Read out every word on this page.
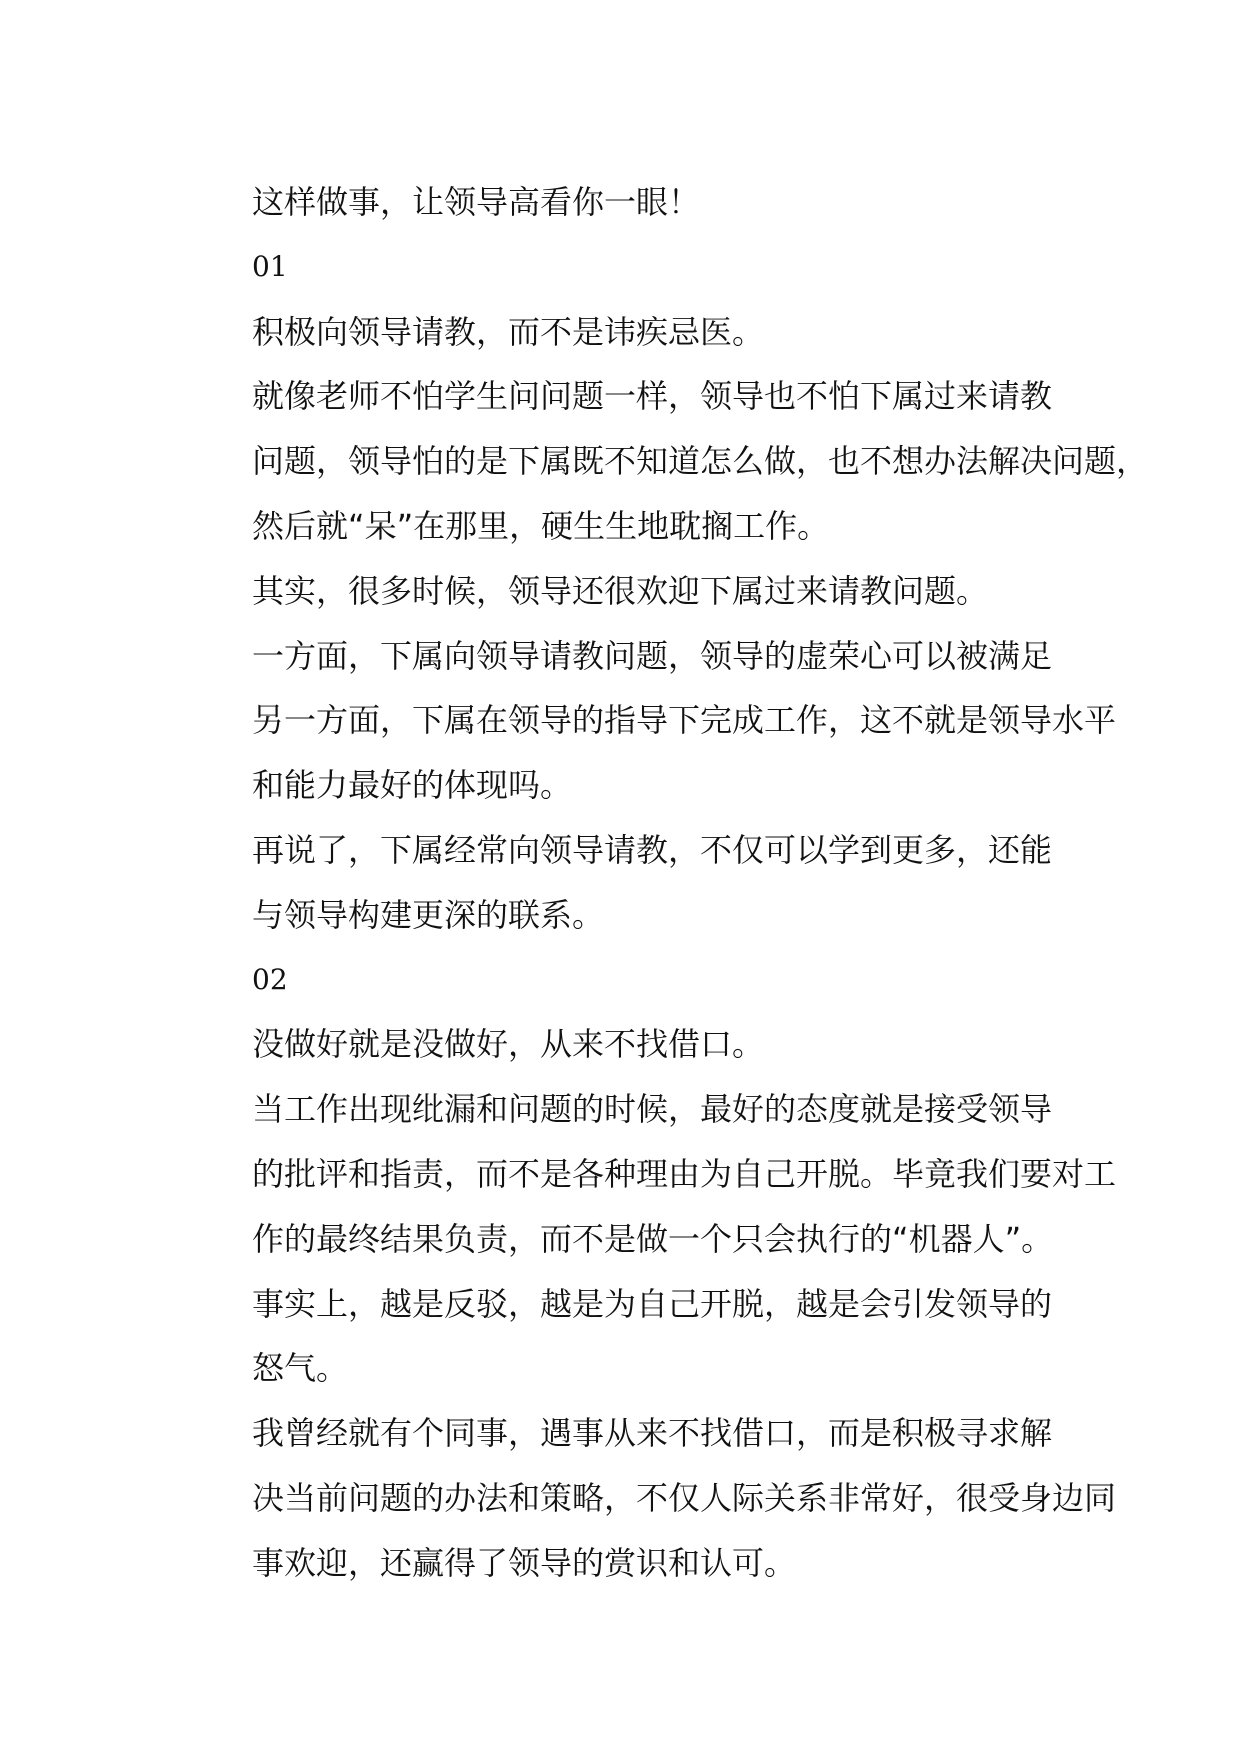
这样做事，让领导高看你一眼！
01
积极向领导请教，而不是讳疾忌医。
就像老师不怕学生问问题一样，领导也不怕下属过来请教
问题，领导怕的是下属既不知道怎么做，也不想办法解决问题，
然后就“呆”在那里，硬生生地耽搁工作。
其实，很多时候，领导还很欢迎下属过来请教问题。
一方面，下属向领导请教问题，领导的虚荣心可以被满足
另一方面，下属在领导的指导下完成工作，这不就是领导水平
和能力最好的体现吗。
再说了，下属经常向领导请教，不仅可以学到更多，还能
与领导构建更深的联系。
02
没做好就是没做好，从来不找借口。
当工作出现纰漏和问题的时候，最好的态度就是接受领导
的批评和指责，而不是各种理由为自己开脱。毕竟我们要对工
作的最终结果负责，而不是做一个只会执行的“机器人”。
事实上，越是反驳，越是为自己开脱，越是会引发领导的
怒气。
我曾经就有个同事，遇事从来不找借口，而是积极寻求解
决当前问题的办法和策略，不仅人际关系非常好，很受身边同
事欢迎，还赢得了领导的赏识和认可。
